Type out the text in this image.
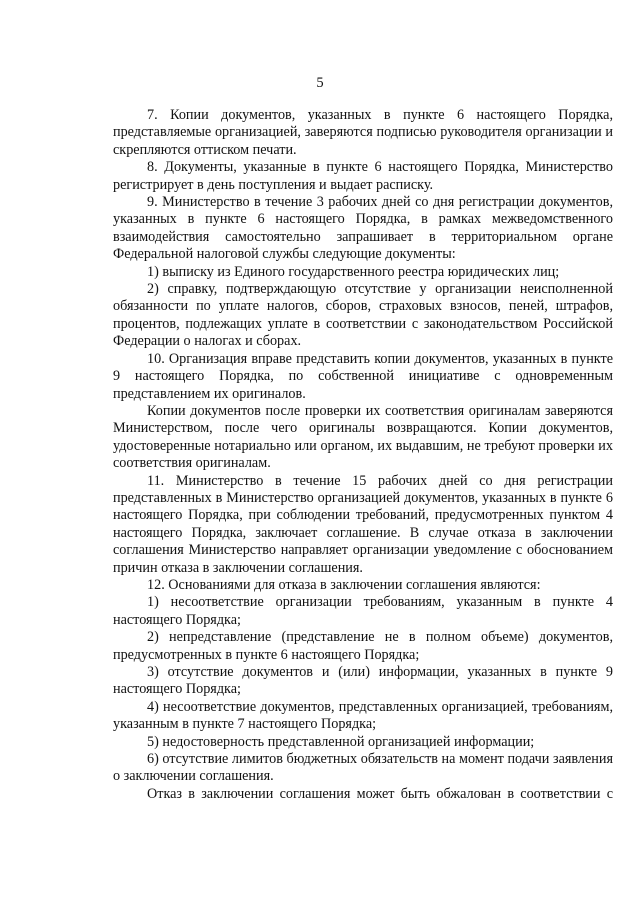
5

7. Копии документов, указанных в пункте 6 настоящего Порядка, представляемые организацией, заверяются подписью руководителя организации и скрепляются оттиском печати.

8. Документы, указанные в пункте 6 настоящего Порядка, Министерство регистрирует в день поступления и выдает расписку.

9. Министерство в течение 3 рабочих дней со дня регистрации документов, указанных в пункте 6 настоящего Порядка, в рамках межведомственного взаимодействия самостоятельно запрашивает в территориальном органе Федеральной налоговой службы следующие документы:

1) выписку из Единого государственного реестра юридических лиц;

2) справку, подтверждающую отсутствие у организации неисполненной обязанности по уплате налогов, сборов, страховых взносов, пеней, штрафов, процентов, подлежащих уплате в соответствии с законодательством Российской Федерации о налогах и сборах.

10. Организация вправе представить копии документов, указанных в пункте 9 настоящего Порядка, по собственной инициативе с одновременным представлением их оригиналов.

Копии документов после проверки их соответствия оригиналам заверяются Министерством, после чего оригиналы возвращаются. Копии документов, удостоверенные нотариально или органом, их выдавшим, не требуют проверки их соответствия оригиналам.

11. Министерство в течение 15 рабочих дней со дня регистрации представленных в Министерство организацией документов, указанных в пункте 6 настоящего Порядка, при соблюдении требований, предусмотренных пунктом 4 настоящего Порядка, заключает соглашение. В случае отказа в заключении соглашения Министерство направляет организации уведомление с обоснованием причин отказа в заключении соглашения.

12. Основаниями для отказа в заключении соглашения являются:

1) несоответствие организации требованиям, указанным в пункте 4 настоящего Порядка;

2) непредставление (представление не в полном объеме) документов, предусмотренных в пункте 6 настоящего Порядка;

3) отсутствие документов и (или) информации, указанных в пункте 9 настоящего Порядка;

4) несоответствие документов, представленных организацией, требованиям, указанным в пункте 7 настоящего Порядка;

5) недостоверность представленной организацией информации;

6) отсутствие лимитов бюджетных обязательств на момент подачи заявления о заключении соглашения.

Отказ в заключении соглашения может быть обжалован в соответствии с
